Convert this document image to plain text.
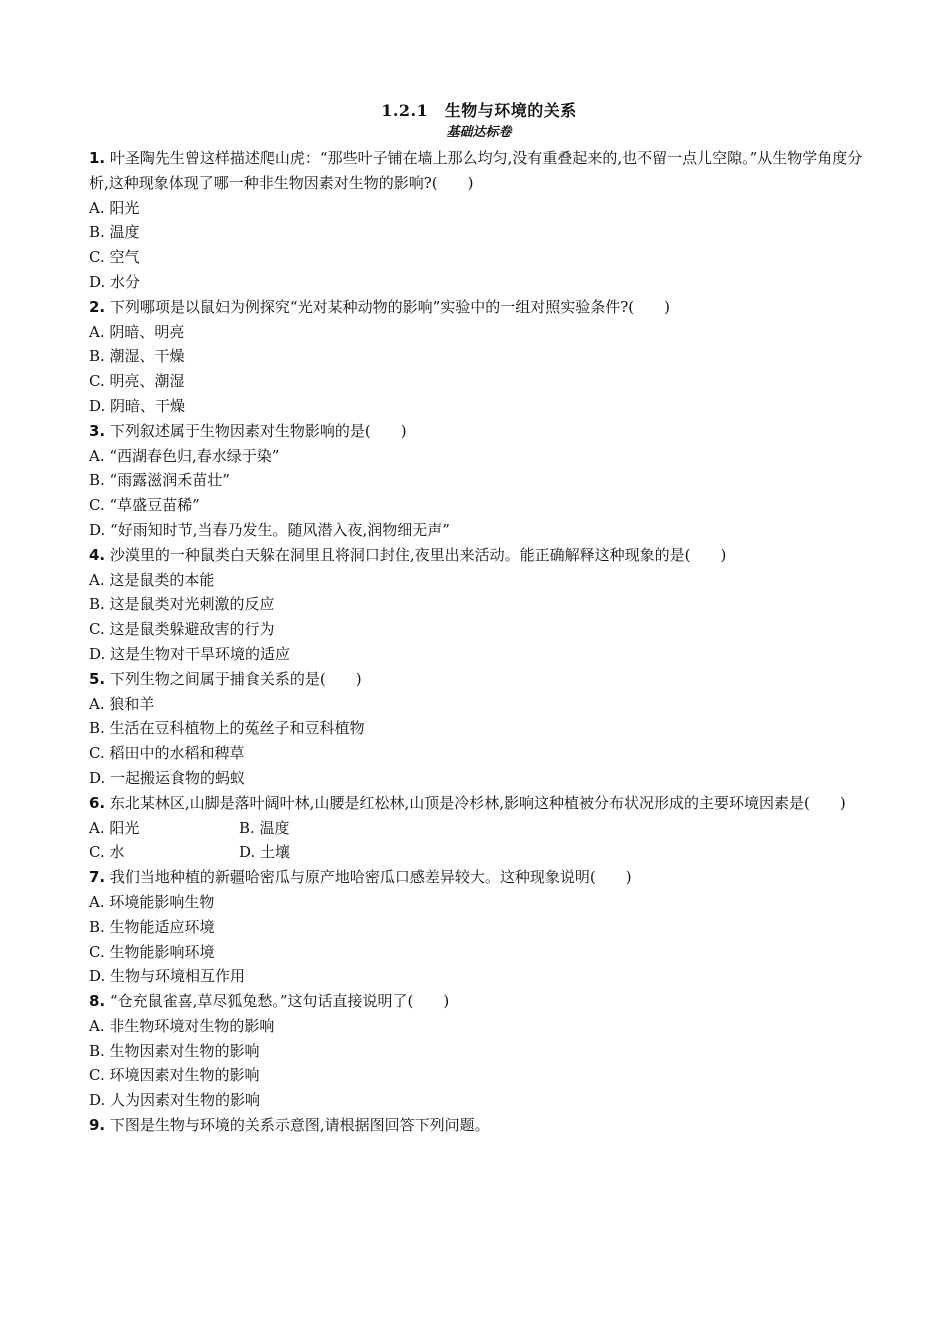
1.2.1　生物与环境的关系
基础达标卷

1. 叶圣陶先生曾这样描述爬山虎：“那些叶子铺在墙上那么均匀,没有重叠起来的,也不留一点儿空隙。”从生物学角度分析,这种现象体现了哪一种非生物因素对生物的影响?(　　)

A. 阳光

B. 温度

C. 空气

D. 水分

2. 下列哪项是以鼠妇为例探究“光对某种动物的影响”实验中的一组对照实验条件?(　　)

A. 阴暗、明亮

B. 潮湿、干燥

C. 明亮、潮湿

D. 阴暗、干燥

3. 下列叙述属于生物因素对生物影响的是(　　)

A. “西湖春色归,春水绿于染”

B. “雨露滋润禾苗壮”

C. “草盛豆苗稀”

D. “好雨知时节,当春乃发生。随风潜入夜,润物细无声”

4. 沙漠里的一种鼠类白天躲在洞里且将洞口封住,夜里出来活动。能正确解释这种现象的是(　　)

A. 这是鼠类的本能

B. 这是鼠类对光刺激的反应

C. 这是鼠类躲避敌害的行为

D. 这是生物对干旱环境的适应

5. 下列生物之间属于捕食关系的是(　　)

A. 狼和羊

B. 生活在豆科植物上的菟丝子和豆科植物

C. 稻田中的水稻和稗草

D. 一起搬运食物的蚂蚁

6. 东北某林区,山脚是落叶阔叶林,山腰是红松林,山顶是冷杉林,影响这种植被分布状况形成的主要环境因素是(　　)

A. 阳光	B. 温度

C. 水	D. 土壤

7. 我们当地种植的新疆哈密瓜与原产地哈密瓜口感差异较大。这种现象说明(　　)

A. 环境能影响生物

B. 生物能适应环境

C. 生物能影响环境

D. 生物与环境相互作用

8. “仓充鼠雀喜,草尽狐兔愁。”这句话直接说明了(　　)

A. 非生物环境对生物的影响

B. 生物因素对生物的影响

C. 环境因素对生物的影响

D. 人为因素对生物的影响

9. 下图是生物与环境的关系示意图,请根据图回答下列问题。
